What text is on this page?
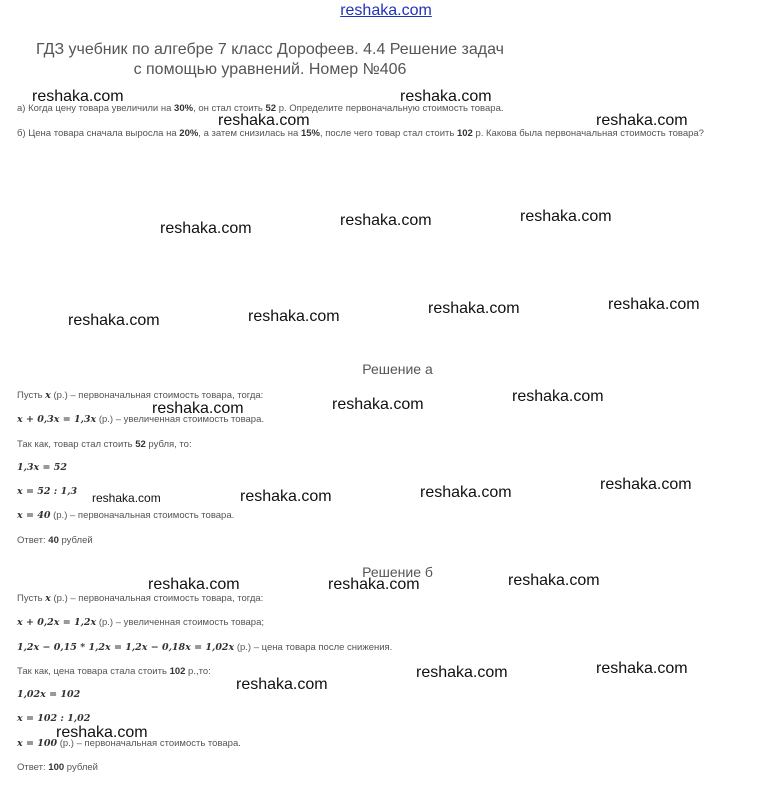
reshaka.com
ГДЗ учебник по алгебре 7 класс Дорофеев. 4.4 Решение задач
с помощью уравнений. Номер №406
а) Когда цену товара увеличили на 30%, он стал стоить 52 р. Определите первоначальную стоимость товара.
б) Цена товара сначала выросла на 20%, а затем снизилась на 15%, после чего товар стал стоить 102 р. Какова была первоначальная стоимость товара?
Решение а
Пусть x (р.) – первоначальная стоимость товара, тогда:
x + 0,3x = 1,3x (р.) – увеличенная стоимость товара.
Так как, товар стал стоить 52 рубля, то:
1,3x = 52
x = 52 : 1,3
x = 40 (р.) – первоначальная стоимость товара.
Ответ: 40 рублей
Решение б
Пусть x (р.) – первоначальная стоимость товара, тогда:
x + 0,2x = 1,2x (р.) – увеличенная стоимость товара;
1,2x − 0,15 * 1,2x = 1,2x − 0,18x = 1,02x (р.) – цена товара после снижения.
Так как, цена товара стала стоить 102 р.,то:
1,02x = 102
x = 102 : 1,02
x = 100 (р.) – первоначальная стоимость товара.
Ответ: 100 рублей
reshaka.com
reshaka.com
reshaka.com
reshaka.com
reshaka.com	reshaka.com	reshaka.com
reshaka.com	reshaka.com	reshaka.com	reshaka.com
reshaka.com	reshaka.com	reshaka.com
reshaka.com	reshaka.com	reshaka.com	reshaka.com
reshaka.com	reshaka.com	reshaka.com
reshaka.com
reshaka.com	reshaka.com
reshaka.com
